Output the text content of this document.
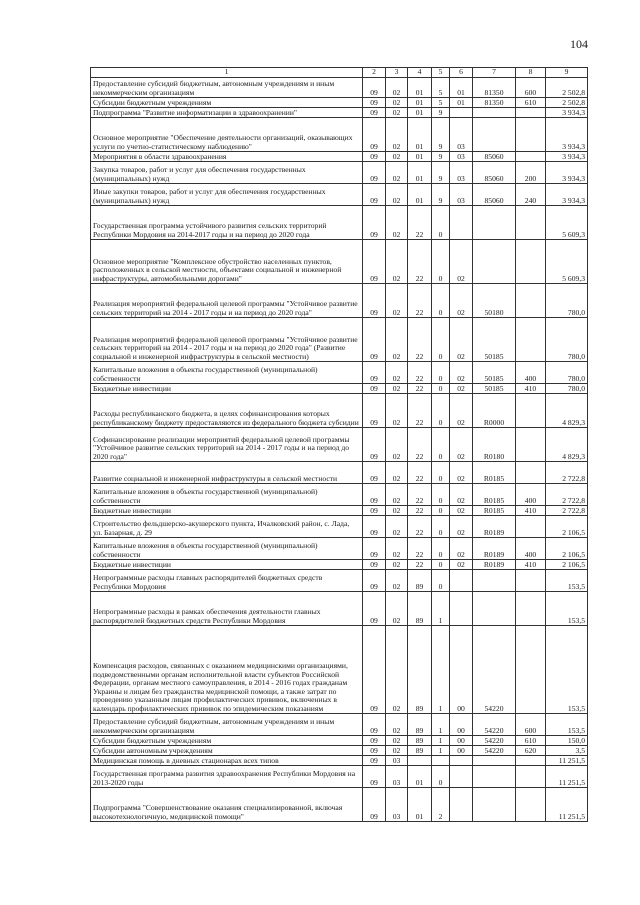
104
1	2	3	4	5	6	7	8	9
Предоставление субсидий бюджетным, автономным учреждениям и иным некоммерческим организациям	09	02	01	5	01	81350	600	2 502,8
Субсидии бюджетным учреждениям	09	02	01	5	01	81350	610	2 502,8
Подпрограмма "Развитие информатизации в здравоохранении"	09	02	01	9				3 934,3
Основное мероприятие "Обеспечение деятельности организаций, оказывающих услуги по учетно-статистическому наблюдению"	09	02	01	9	03			3 934,3
Мероприятия в области здравоохранения	09	02	01	9	03	85060		3 934,3
Закупка товаров, работ и услуг для обеспечения государственных (муниципальных) нужд	09	02	01	9	03	85060	200	3 934,3
Иные закупки товаров, работ и услуг для обеспечения государственных (муниципальных) нужд	09	02	01	9	03	85060	240	3 934,3
Государственная программа устойчивого развития сельских территорий Республики Мордовия на 2014-2017 годы и на период до 2020 года	09	02	22	0				5 609,3
Основное мероприятие "Комплексное обустройство населенных пунктов, расположенных в сельской местности, объектами социальной и инженерной инфраструктуры, автомобильными дорогами"	09	02	22	0	02			5 609,3
Реализация мероприятий федеральной целевой программы "Устойчивое развитие сельских территорий на 2014 - 2017 годы и на период до 2020 года"	09	02	22	0	02	50180		780,0
Реализация мероприятий федеральной целевой программы "Устойчивое развитие сельских территорий на 2014 - 2017 годы и на период до 2020 года" (Развитие социальной и инженерной инфраструктуры в сельской местности)	09	02	22	0	02	50185		780,0
Капитальные вложения в объекты государственной (муниципальной) собственности	09	02	22	0	02	50185	400	780,0
Бюджетные инвестиции	09	02	22	0	02	50185	410	780,0
Расходы республиканского бюджета, в целях софинансирования которых республиканскому бюджету предоставляются из федерального бюджета субсидии	09	02	22	0	02	R0000		4 829,3
Софинансирование реализации мероприятий федеральной целевой программы "Устойчивое развитие сельских территорий на 2014 - 2017 годы и на период до 2020 года"	09	02	22	0	02	R0180		4 829,3
Развитие социальной и инженерной инфраструктуры в сельской местности	09	02	22	0	02	R0185		2 722,8
Капитальные вложения в объекты государственной (муниципальной) собственности	09	02	22	0	02	R0185	400	2 722,8
Бюджетные инвестиции	09	02	22	0	02	R0185	410	2 722,8
Строительство фельдшерско-акушерского пункта, Ичалковский район, с. Лада, ул. Базарная, д. 29	09	02	22	0	02	R0189		2 106,5
Капитальные вложения в объекты государственной (муниципальной) собственности	09	02	22	0	02	R0189	400	2 106,5
Бюджетные инвестиции	09	02	22	0	02	R0189	410	2 106,5
Непрограммные расходы главных распорядителей бюджетных средств Республики Мордовия	09	02	89	0				153,5
Непрограммные расходы в рамках обеспечения деятельности главных распорядителей бюджетных средств Республики Мордовия	09	02	89	1				153,5
Компенсация расходов, связанных с оказанием медицинскими организациями, подведомственными органам исполнительной власти субъектов Российской Федерации, органам местного самоуправления, в 2014 - 2016 годах гражданам Украины и лицам без гражданства медицинской помощи, а также затрат по проведению указанным лицам профилактических прививок, включенных в календарь профилактических прививок по эпидемическим показаниям	09	02	89	1	00	54220		153,5
Предоставление субсидий бюджетным, автономным учреждениям и иным некоммерческим организациям	09	02	89	1	00	54220	600	153,5
Субсидии бюджетным учреждениям	09	02	89	1	00	54220	610	150,0
Субсидии автономным учреждениям	09	02	89	1	00	54220	620	3,5
Медицинская помощь в дневных стационарах всех типов	09	03						11 251,5
Государственная программа развития здравоохранения Республики Мордовия на 2013-2020 годы	09	03	01	0				11 251,5
Подпрограмма "Совершенствование оказания специализированной, включая высокотехнологичную, медицинской помощи"	09	03	01	2				11 251,5
